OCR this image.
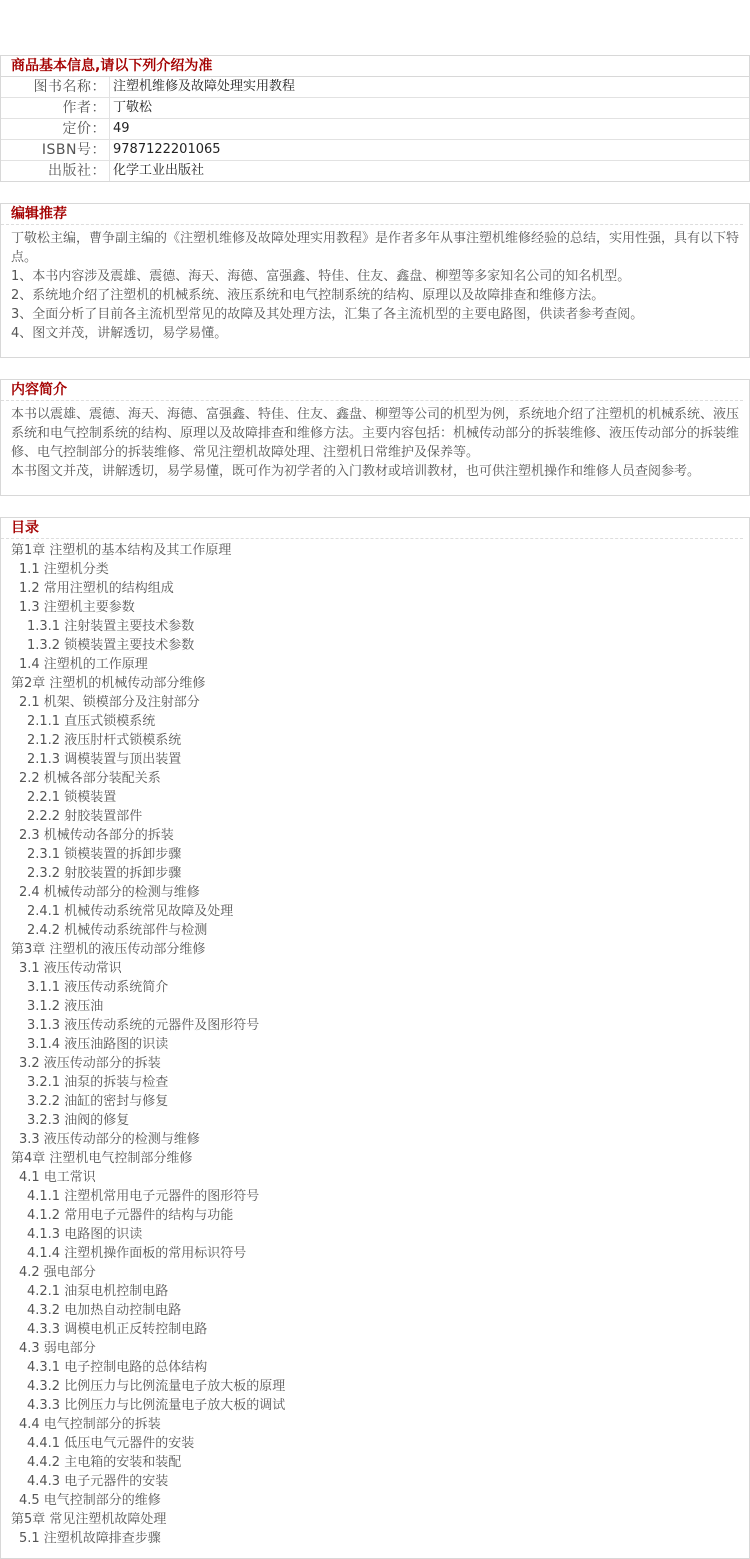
商品基本信息,请以下列介绍为准
图书名称： 注塑机维修及故障处理实用教程
作者： 丁敬松
定价： 49
ISBN号： 9787122201065
出版社： 化学工业出版社
编辑推荐

丁敬松主编，曹争副主编的《注塑机维修及故障处理实用教程》是作者多年从事注塑机维修经验的总结，实用性强，具有以下特点。

1、本书内容涉及震雄、震德、海天、海德、富强鑫、特佳、住友、鑫盘、柳塑等多家知名公司的知名机型。

2、系统地介绍了注塑机的机械系统、液压系统和电气控制系统的结构、原理以及故障排查和维修方法。

3、全面分析了目前各主流机型常见的故障及其处理方法，汇集了各主流机型的主要电路图，供读者参考查阅。

4、图文并茂，讲解透切，易学易懂。

内容简介

本书以震雄、震德、海天、海德、富强鑫、特佳、住友、鑫盘、柳塑等公司的机型为例，系统地介绍了注塑机的机械系统、液压系统和电气控制系统的结构、原理以及故障排查和维修方法。主要内容包括：机械传动部分的拆装维修、液压传动部分的拆装维修、电气控制部分的拆装维修、常见注塑机故障处理、注塑机日常维护及保养等。

本书图文并茂，讲解透切，易学易懂，既可作为初学者的入门教材或培训教材，也可供注塑机操作和维修人员查阅参考。

目录
第1章 注塑机的基本结构及其工作原理
1.1 注塑机分类
1.2 常用注塑机的结构组成
1.3 注塑机主要参数
1.3.1 注射装置主要技术参数
1.3.2 锁模装置主要技术参数
1.4 注塑机的工作原理
第2章 注塑机的机械传动部分维修
2.1 机架、锁模部分及注射部分
2.1.1 直压式锁模系统
2.1.2 液压肘杆式锁模系统
2.1.3 调模装置与顶出装置
2.2 机械各部分装配关系
2.2.1 锁模装置
2.2.2 射胶装置部件
2.3 机械传动各部分的拆装
2.3.1 锁模装置的拆卸步骤
2.3.2 射胶装置的拆卸步骤
2.4 机械传动部分的检测与维修
2.4.1 机械传动系统常见故障及处理
2.4.2 机械传动系统部件与检测
第3章 注塑机的液压传动部分维修
3.1 液压传动常识
3.1.1 液压传动系统简介
3.1.2 液压油
3.1.3 液压传动系统的元器件及图形符号
3.1.4 液压油路图的识读
3.2 液压传动部分的拆装
3.2.1 油泵的拆装与检查
3.2.2 油缸的密封与修复
3.2.3 油阀的修复
3.3 液压传动部分的检测与维修
第4章 注塑机电气控制部分维修
4.1 电工常识
4.1.1 注塑机常用电子元器件的图形符号
4.1.2 常用电子元器件的结构与功能
4.1.3 电路图的识读
4.1.4 注塑机操作面板的常用标识符号
4.2 强电部分
4.2.1 油泵电机控制电路
4.3.2 电加热自动控制电路
4.3.3 调模电机正反转控制电路
4.3 弱电部分
4.3.1 电子控制电路的总体结构
4.3.2 比例压力与比例流量电子放大板的原理
4.3.3 比例压力与比例流量电子放大板的调试
4.4 电气控制部分的拆装
4.4.1 低压电气元器件的安装
4.4.2 主电箱的安装和装配
4.4.3 电子元器件的安装
4.5 电气控制部分的维修
第5章 常见注塑机故障处理
5.1 注塑机故障排查步骤
